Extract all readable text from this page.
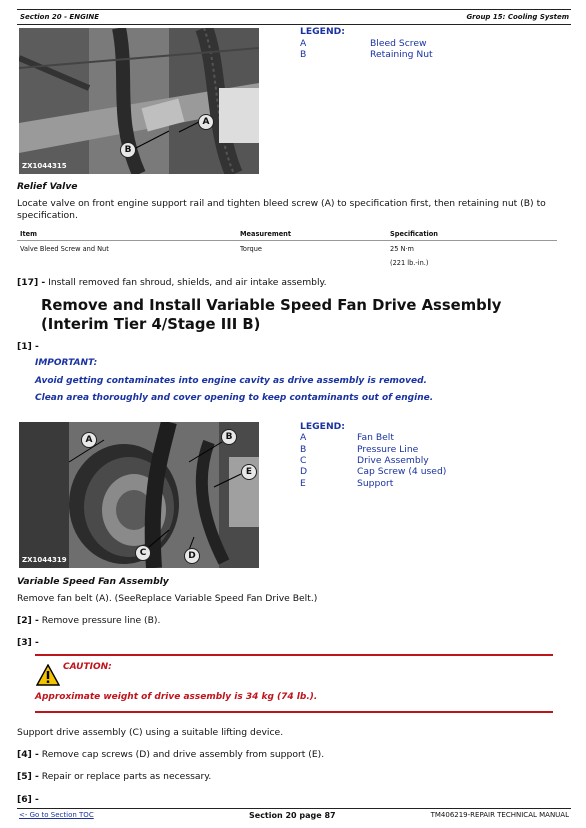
Section 20 - ENGINE	Group 15: Cooling System
A
B
ZX1044315
LEGEND:
A	Bleed Screw
B	Retaining Nut
Relief Valve
Locate valve on front engine support rail and tighten bleed screw (A) to specification first, then retaining nut (B) to specification.
Item	Measurement	Specification
Valve Bleed Screw and Nut	Torque	25 N·m
(221 lb.-in.)
[17] - Install removed fan shroud, shields, and air intake assembly.
Remove and Install Variable Speed Fan Drive Assembly (Interim Tier 4/Stage III B)
[1] -
IMPORTANT:
Avoid getting contaminates into engine cavity as drive assembly is removed.
Clean area thoroughly and cover opening to keep contaminants out of engine.
A	B
C	D
E
ZX1044319
LEGEND:
A	Fan Belt
B	Pressure Line
C	Drive Assembly
D	Cap Screw (4 used)
E	Support
Variable Speed Fan Assembly
Remove fan belt (A). (SeeReplace Variable Speed Fan Drive Belt.)
[2] - Remove pressure line (B).
[3] -
CAUTION:
Approximate weight of drive assembly is 34 kg (74 lb.).
Support drive assembly (C) using a suitable lifting device.
[4] - Remove cap screws (D) and drive assembly from support (E).
[5] - Repair or replace parts as necessary.
[6] -
<- Go to Section TOC	Section 20 page 87	TM406219-REPAIR TECHNICAL MANUAL
